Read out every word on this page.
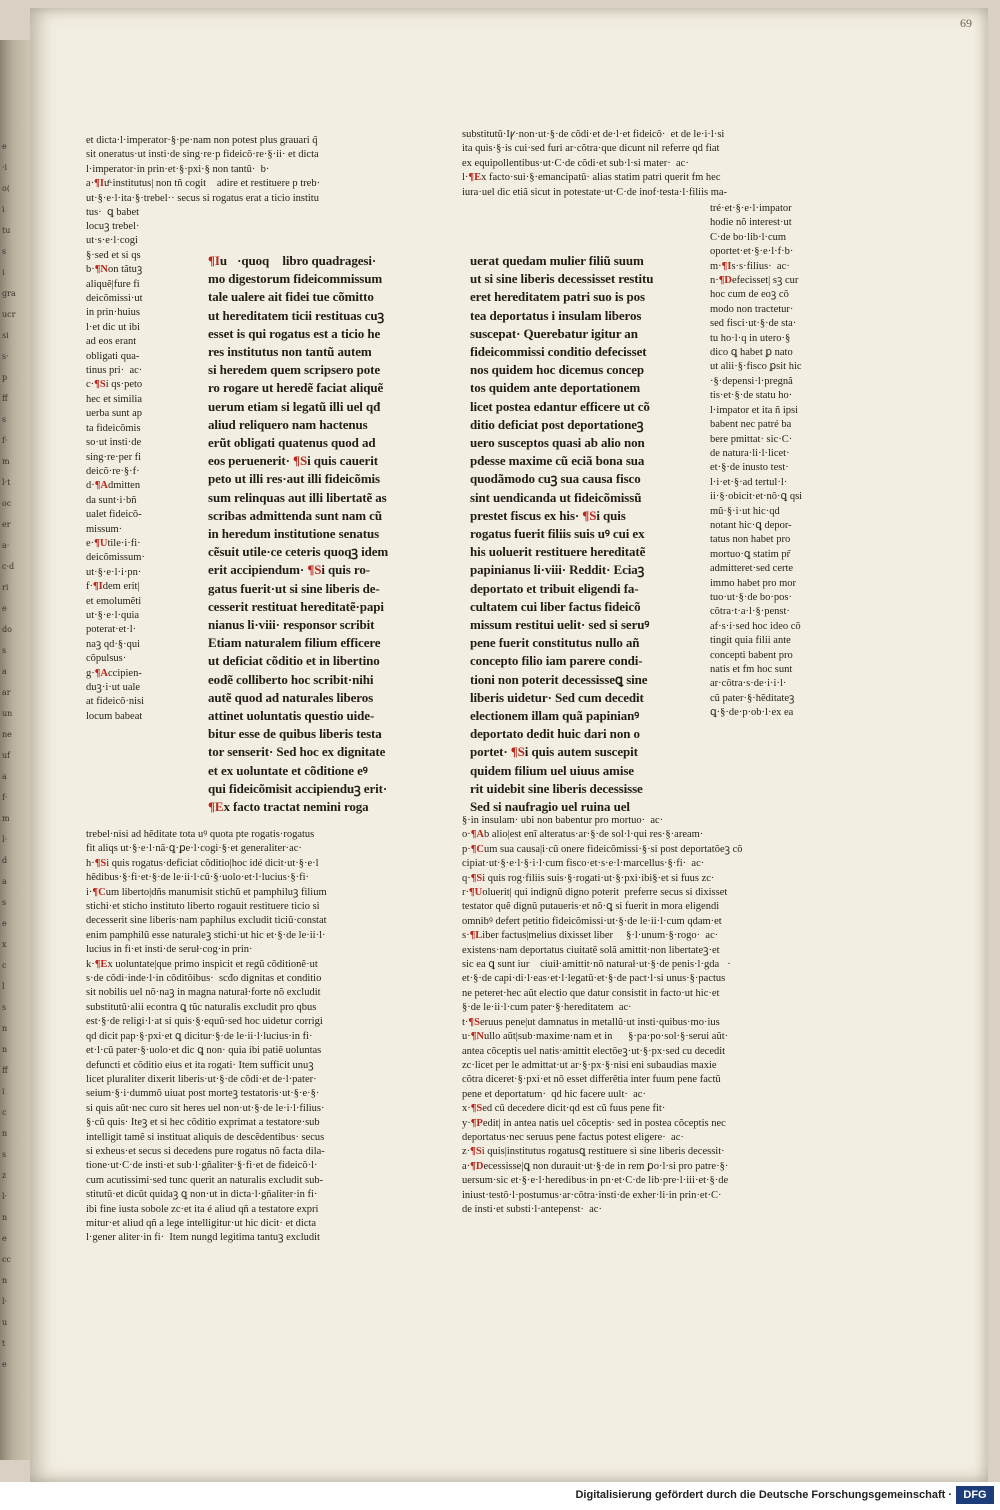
e
·i
o(
i
tu
s
i
gra
ucr
si
s·
p
ff
s
f·
m
l·t
oc
er
a·
c·d
ri
e
do
s
a
ar
un
ne
uf
a
f·
m
l·
d
a
s
e
x
c
l
s
n
n
ff
i
c
n
s
z
l·
n
e
cc
n
l·
u
t
e
69
et dicta·l·imperator·§·pe·nam non potest plus grauari q̃
sit oneratus·ut insti·de sing·re·p fideicõ·re·§·ii· et dicta
l·imperator·in prin·et·§·pxi·§ non tantũ·  b·
a·¶Iuͤ·institutus| non tñ cogitᷣ adire et restituere p treb·
ut·§·e·l·ita·§·trebel·· secus si rogatus erat a ticio institu
tus·  ꝗ babet
locuꝫ trebel·
ut·s·e·l·cogi
§·sed et si qs
b·¶Non tãtuꝫ
aliquẽ|fure fi
deicõmissi·ut
in prin·huius
l·et dic ut ibi
ad eos erant
obligati qua-
tinus pri·  ac·
c·¶Si qs·peto
hec et similia
uerba sunt ap
ta fideicõmis
so·ut insti·de
sing·re·per fi
deicõ·re·§·f·
d·¶Admitten
da sunt·i·bñ
ualet fideicõ-
missum·
e·¶Utile·i·fi·
deicõmissum·
ut·§·e·l·i·pn·
f·¶Idem erit|
et emolumẽti
ut·§·e·l·quia
poterat·et·l·
naꝫ qd·§·qui
cõpulsus·
g·¶Accipien-
duꝫ·i·ut uale
at fideicõ·nisi
locum babeat
substitutũ·Iꝩ·non·ut·§·de cõdi·et de·l·et fideicõ·  et de le·i·l·si
ita quis·§·is cui·sed furi ar·cõtra·que dicunt nil referre qd fiat
ex equipollentibus·ut·C·de cõdi·et sub·l·si mater·  ac·
l·¶Ex facto·sui·§·emancipatũ· alias statim patri querit fm hec
iura·uel dic etiã sicut in potestate·ut·C·de inof·testa·l·filiis ma-
tré·et·§·e·l·impator
hodie nõ interest·ut
C·de bo·lib·l·cum
oportet·et·§·e·l·f·b·
m·¶Is·s·filius·  ac·
n·¶Defecisset| sꝫ cur
hoc cum de eoꝫ cõ
modo non tractetur·
sed fisci·ut·§·de sta·
tu ho·l·q in utero·§
dico ꝗ habet ꝑ nato
ut alii·§·fisco ꝑsit hic
·§·depensi·l·pregnã
tis·et·§·de statu ho·
l·impator et ita ñ ipsi
babent nec patré ba
bere pmittat· sic·C·
de natura·li·l·licet·
et·§·de inusto test·
l·i·et·§·ad tertul·l·
ii·§·obicit·et·nõ·ꝗ qsi
mũ·§·i·ut hic·qd
notant hic·ꝗ depor-
tatus non habet pro
mortuo·ꝗ statim pr̃
admitteret·sed certe
immo habet pro mor
tuo·ut·§·de bo·pos·
cõtra·t·a·l·§·penst·
af·s·i·sed hoc ideo cõ
tingit quia filii ante
concepti babent pro
natis et fm hoc sunt
ar·cõtra·s·de·i·i·l·
cũ pater·§·hẽditateꝫ
ꝗ·§·de·p·ob·l·ex ea
¶Iuᷤ·quoqꝫ libro quadragesi·
mo digestorum fideicommissum
tale ualere ait fidei tue cõmitto
ut hereditatem ticii restituas cuꝫ
esset is qui rogatus est a ticio he
res institutus non tantũ autem
si heredem quem scripsero pote
ro rogare ut heredẽ faciat aliquẽ
uerum etiam si legatũ illi uel qđ
aliud reliquero nam hactenus
erũt obligati quatenus quod ad
eos peruenerit· ¶Si quis cauerit
peto ut illi res·aut illi fideicõmis
sum relinquas aut illi libertatẽ as
scribas admittenda sunt nam cũ
in heredum institutione senatus
cẽsuit utile·ce ceteris quoqꝫ idem
erit accipiendum· ¶Si quis ro-
gatus fuerit·ut si sine liberis de-
cesserit restituat hereditatẽ·papi
nianus li·viii· responsor scribit
Etiam naturalem filium efficere
ut deficiat cõditio et in libertino
eodẽ colliberto hoc scribit·nihi
autẽ quod ad naturales liberos
attinet uoluntatis questio uide-
bitur esse de quibus liberis testa
tor senserit· Sed hoc ex dignitate
et ex uoluntate et cõditione eꝰ
qui fideicõmisit accipienduꝫ erit·
¶Ex facto tractat nemini roga
uerat quedam mulier filiũ suum
ut si sine liberis decessisset restitu
eret hereditatem patri suo is pos
tea deportatus i insulam liberos
suscepat· Querebatur igitur an
fideicommissi conditio defecisset
nos quidem hoc dicemus concep
tos quidem ante deportationem
licet postea edantur efficere ut cõ
ditio deficiat post deportationeꝫ
uero susceptos quasi ab alio non
pdesse maxime cũ eciã bona sua
quodãmodo cuꝫ sua causa fisco
sint uendicanda ut fideicõmissũ
prestet fiscus ex his· ¶Si quis
rogatus fuerit filiis suis uꝰ cui ex
his uoluerit restituere hereditatẽ
papinianus li·viii· Reddit· Eciaꝫ
deportato et tribuit eligendi fa-
cultatem cui liber factus fideicõ
missum restitui uelit· sed si seruꝰ
pene fuerit constitutus nullo añ
concepto filio iam parere condi-
tioni non poterit decessisseꝗ sine
liberis uidetur· Sed cum decedit
electionem illam quã papinianꝰ
deportato dedit huic dari non o
portet· ¶Si quis autem suscepit
quidem filium uel uiuus amise
rit uidebit sine liberis decessisse
Sed si naufragio uel ruina uel
trebel·nisi ad hẽditate tota uꝰ quota pte rogatis·rogatus
fit aliqs ut·§·e·l·nã·ꝗ·ꝑe·l·cogi·§·et generaliter·ac·
h·¶Si quis rogatus·deficiat cõditio|hoc idé dicit·ut·§·e·l
hẽdibus·§·fi·et·§·de le·ii·l·cũ·§·uolo·et·l·lucius·§·fi·
i·¶Cum liberto|dñs manumisit stichũ et pamphiluꝫ filium
stichi·et sticho instituto liberto rogauit restituere ticio si
decesserit sine liberis·nam paphilus excludit ticiũ·constat
enim pamphilũ esse naturaleꝫ stichi·ut hic et·§·de le·ii·l·
lucius in fi·et insti·de seruł·cog·in prin·
k·¶Ex uoluntate|que primo inspicit et regũ cõditionẽ·ut
s·de cõdi·inde·l·in cõditõibus·  scđo dignitas et conditio
sit nobilis uel nõ·naꝫ in magna naturał·forte nõ excludit
substitutũ·alii econtra ꝗ tũc naturalis excludit pro qbus
est·§·de religi·l·at si quis·§·equũ·sed hoc uidetur corrigi
qd dicit pap·§·pxi·et ꝗ dicitur·§·de le·ii·l·lucius·in fi·
et·l·cũ pater·§·uolo·et dic ꝗ non· quia ibi patiẽ uoluntas
defuncti et cõditio eius et ita rogati· Item sufficit unuꝫ
licet pluraliter dixerit liberis·ut·§·de cõdi·et de·l·pater·
seium·§·i·dummõ uiuat post morteꝫ testatoris·ut·§·e·§·
si quis aũt·nec curo sit heres uel non·ut·§·de le·i·l·filius·
§·cũ quis· Iteꝫ et si hec cõditio exprimat a testatore·sub
intelligit tamẽ si instituat aliquis de descẽdentibus· secus
si exheus·et secus si decedens pure rogatus nõ facta dila-
tione·ut·C·de insti·et sub·l·gñaliter·§·fi·et de fideicõ·l·
cum acutissimi·sed tunc querit an naturalis excludit sub-
stitutũ·et dicũt quidaꝫ ꝗ non·ut in dicta·l·gñaliter·in fi·
ibi fine iusta sobole zc·et ita é aliud qñ a testatore expri
mitur·et aliud qñ a lege intelligitur·ut hic dicit· et dicta
l·gener aliter·in fi·  Item nungd legitima tantuꝫ excludit
§·in insulam· ubi non babentur pro mortuo·  ac·
o·¶Ab alio|est enĩ alteratus·ar·§·de sol·l·qui res·§·aream·
p·¶Cum sua causa|i·cũ onere fideicõmissi·§·si post deportatõeꝫ cõ
cipiat·ut·§·e·l·§·i·l·cum fisco·et·s·e·l·marcellus·§·fi·  ac·
q·¶Si quis rog·filiis suis·§·rogati·ut·§·pxi·ibi§·et si fuus zc·
r·¶Uoluerit| qui indignũ digno poterit  preferre secus si dixisset
testator quẽ dignũ putaueris·et nõ·ꝗ si fuerit in mora eligendi
omnibꝰ defert petitio fideicõmissi·ut·§·de le·ii·l·cum qdam·et
s·¶Liber factus|melius dixisset liber     §·l·unum·§·rogo·  ac·
existens·nam deportatus ciuitatẽ solã amittit·non libertateꝫ·et
sic ea ꝗ sunt iurᷤ ciuił·amittit·nõ naturał·ut·§·de penis·l·gdaꝫ·
et·§·de capi·di·l·eas·et·l·legatũ·et·§·de pact·l·si unus·§·pactus
ne peteret·hec aũt electio que datur consistit in facto·ut hic·et
§·de le·ii·l·cum pater·§·hereditatem  ac·
t·¶Seruus pene|ut damnatus in metallũ·ut insti·quibus·mo·ius
u·¶Nullo aũt|sub·maxime·nam et in      §·pa·po·sol·§·serui aũt·
antea cõceptis uel natis·amittit electõeꝫ·ut·§·px·sed cu decedit
zc·licet per le admittat·ut ar·§·px·§·nisi eni subaudias maxie
cõtra diceret·§·pxi·et nõ esset differẽtia inter fuum pene factũ
pene et deportatum·  qd hic facere uult·  ac·
x·¶Sed cũ decedere dicit·qd est cũ fuus pene fit·
y·¶Pedit| in antea natis uel cõceptis· sed in postea cõceptis nec
deportatus·nec seruus pene factus potest eligere·  ac·
z·¶Si quis|institutus rogatusꝗ restituere si sine liberis decessit·
a·¶Decessisse|ꝗ non durauit·ut·§·de in rem ꝑo·l·si pro patre·§·
uersum·sic et·§·e·l·heredibus·in pn·et·C·de lib·pre·l·iii·et·§·de
iniust·testõ·l·postumus·ar·cõtra·insti·de exher·li·in prin·et·C·
de insti·et substi·l·antepenst·  ac·
Digitalisierung gefördert durch die Deutsche Forschungsgemeinschaft ·	DFG
